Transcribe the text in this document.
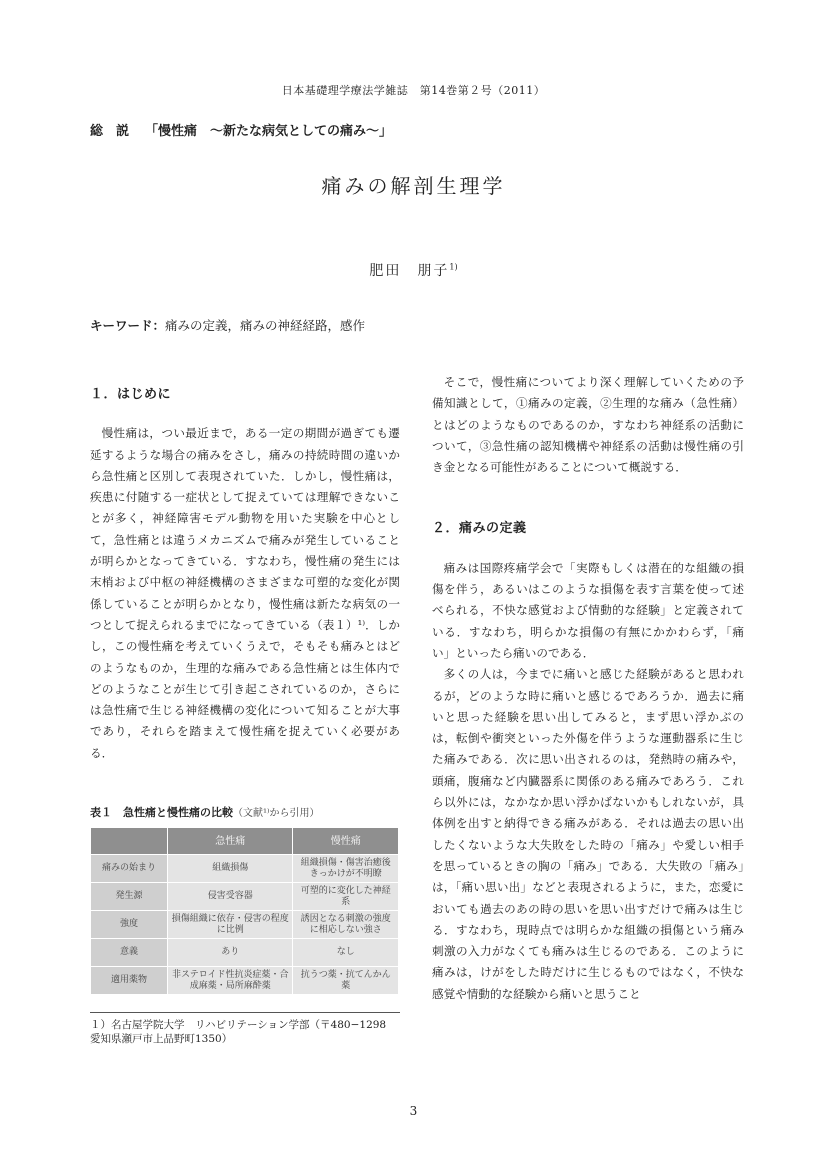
日本基礎理学療法学雑誌　第14巻第２号（2011）
総　説 「慢性痛　〜新たな病気としての痛み〜」
痛みの解剖生理学
肥田　朋子$^{1)}$
キーワード：痛みの定義，痛みの神経経路，感作
１．はじめに

慢性痛は，つい最近まで，ある一定の期間が過ぎても遷延するような場合の痛みをさし，痛みの持続時間の違いから急性痛と区別して表現されていた．しかし，慢性痛は，疾患に付随する一症状として捉えていては理解できないことが多く，神経障害モデル動物を用いた実験を中心として，急性痛とは違うメカニズムで痛みが発生していることが明らかとなってきている．すなわち，慢性痛の発生には末梢および中枢の神経機構のさまざまな可塑的な変化が関係していることが明らかとなり，慢性痛は新たな病気の一つとして捉えられるまでになってきている（表１）¹⁾．しかし，この慢性痛を考えていくうえで，そもそも痛みとはどのようなものか，生理的な痛みである急性痛とは生体内でどのようなことが生じて引き起こされているのか，さらには急性痛で生じる神経機構の変化について知ることが大事であり，それらを踏まえて慢性痛を捉えていく必要がある．

表１　急性痛と慢性痛の比較（文献¹⁾から引用）
	急性痛	慢性痛
痛みの始まり	組織損傷	組織損傷・傷害治癒後きっかけが不明瞭
発生源	侵害受容器	可塑的に変化した神経系
強度	損傷組織に依存・侵害の程度に比例	誘因となる刺激の強度に相応しない強さ
意義	あり	なし
適用薬物	非ステロイド性抗炎症薬・合成麻薬・局所麻酔薬	抗うつ薬・抗てんかん薬
１）名古屋学院大学　リハビリテーション学部（〒480−1298
愛知県瀬戸市上品野町1350）

そこで，慢性痛についてより深く理解していくための予備知識として，①痛みの定義，②生理的な痛み（急性痛）とはどのようなものであるのか，すなわち神経系の活動について，③急性痛の認知機構や神経系の活動は慢性痛の引き金となる可能性があることについて概説する．

２．痛みの定義

痛みは国際疼痛学会で「実際もしくは潜在的な組織の損傷を伴う，あるいはこのような損傷を表す言葉を使って述べられる，不快な感覚および情動的な経験」と定義されている．すなわち，明らかな損傷の有無にかかわらず，「痛い」といったら痛いのである．

多くの人は，今までに痛いと感じた経験があると思われるが，どのような時に痛いと感じるであろうか．過去に痛いと思った経験を思い出してみると，まず思い浮かぶのは，転倒や衝突といった外傷を伴うような運動器系に生じた痛みである．次に思い出されるのは，発熱時の痛みや，頭痛，腹痛など内臓器系に関係のある痛みであろう．これら以外には，なかなか思い浮かばないかもしれないが，具体例を出すと納得できる痛みがある．それは過去の思い出したくないような大失敗をした時の「痛み」や愛しい相手を思っているときの胸の「痛み」である．大失敗の「痛み」は，「痛い思い出」などと表現されるように，また，恋愛においても過去のあの時の思いを思い出すだけで痛みは生じる．すなわち，現時点では明らかな組織の損傷という痛み刺激の入力がなくても痛みは生じるのである．このように痛みは，けがをした時だけに生じるものではなく，不快な感覚や情動的な経験から痛いと思うこと

3
